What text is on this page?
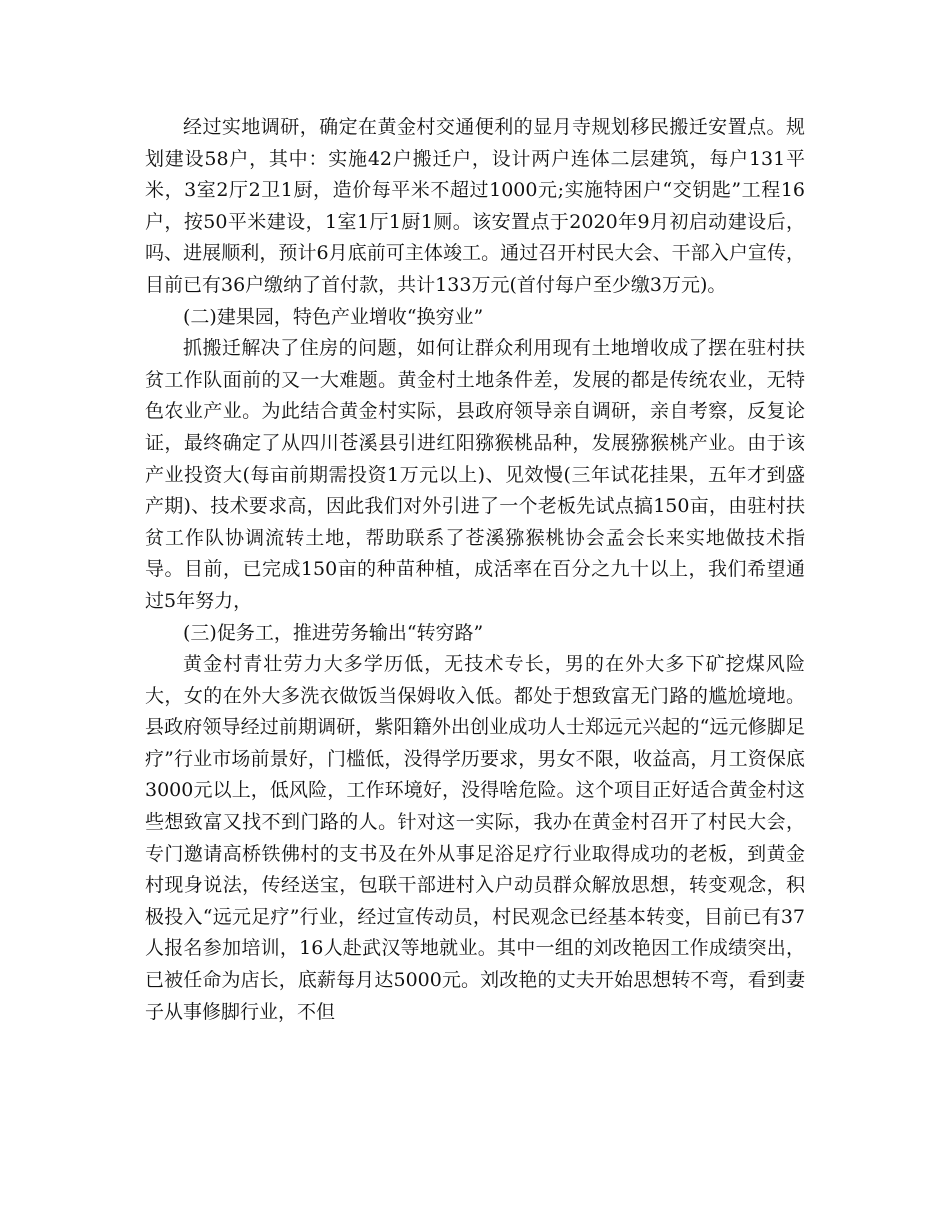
经过实地调研，确定在黄金村交通便利的显月寺规划移民搬迁安置点。规划建设58户，其中：实施42户搬迁户，设计两户连体二层建筑，每户131平米，3室2厅2卫1厨，造价每平米不超过1000元;实施特困户“交钥匙”工程16户，按50平米建设，1室1厅1厨1厕。该安置点于2020年9月初启动建设后，吗、进展顺利，预计6月底前可主体竣工。通过召开村民大会、干部入户宣传，目前已有36户缴纳了首付款，共计133万元(首付每户至少缴3万元)。

(二)建果园，特色产业增收“换穷业”

抓搬迁解决了住房的问题，如何让群众利用现有土地增收成了摆在驻村扶贫工作队面前的又一大难题。黄金村土地条件差，发展的都是传统农业，无特色农业产业。为此结合黄金村实际，县政府领导亲自调研，亲自考察，反复论证，最终确定了从四川苍溪县引进红阳猕猴桃品种，发展猕猴桃产业。由于该产业投资大(每亩前期需投资1万元以上)、见效慢(三年试花挂果，五年才到盛产期)、技术要求高，因此我们对外引进了一个老板先试点搞150亩，由驻村扶贫工作队协调流转土地，帮助联系了苍溪猕猴桃协会孟会长来实地做技术指导。目前，已完成150亩的种苗种植，成活率在百分之九十以上，我们希望通过5年努力，

(三)促务工，推进劳务输出“转穷路”

黄金村青壮劳力大多学历低，无技术专长，男的在外大多下矿挖煤风险大，女的在外大多洗衣做饭当保姆收入低。都处于想致富无门路的尴尬境地。县政府领导经过前期调研，紫阳籍外出创业成功人士郑远元兴起的“远元修脚足疗”行业市场前景好，门槛低，没得学历要求，男女不限，收益高，月工资保底3000元以上，低风险，工作环境好，没得啥危险。这个项目正好适合黄金村这些想致富又找不到门路的人。针对这一实际，我办在黄金村召开了村民大会，专门邀请高桥铁佛村的支书及在外从事足浴足疗行业取得成功的老板，到黄金村现身说法，传经送宝，包联干部进村入户动员群众解放思想，转变观念，积极投入“远元足疗”行业，经过宣传动员，村民观念已经基本转变，目前已有37人报名参加培训，16人赴武汉等地就业。其中一组的刘改艳因工作成绩突出，已被任命为店长，底薪每月达5000元。刘改艳的丈夫开始思想转不弯，看到妻子从事修脚行业，不但
